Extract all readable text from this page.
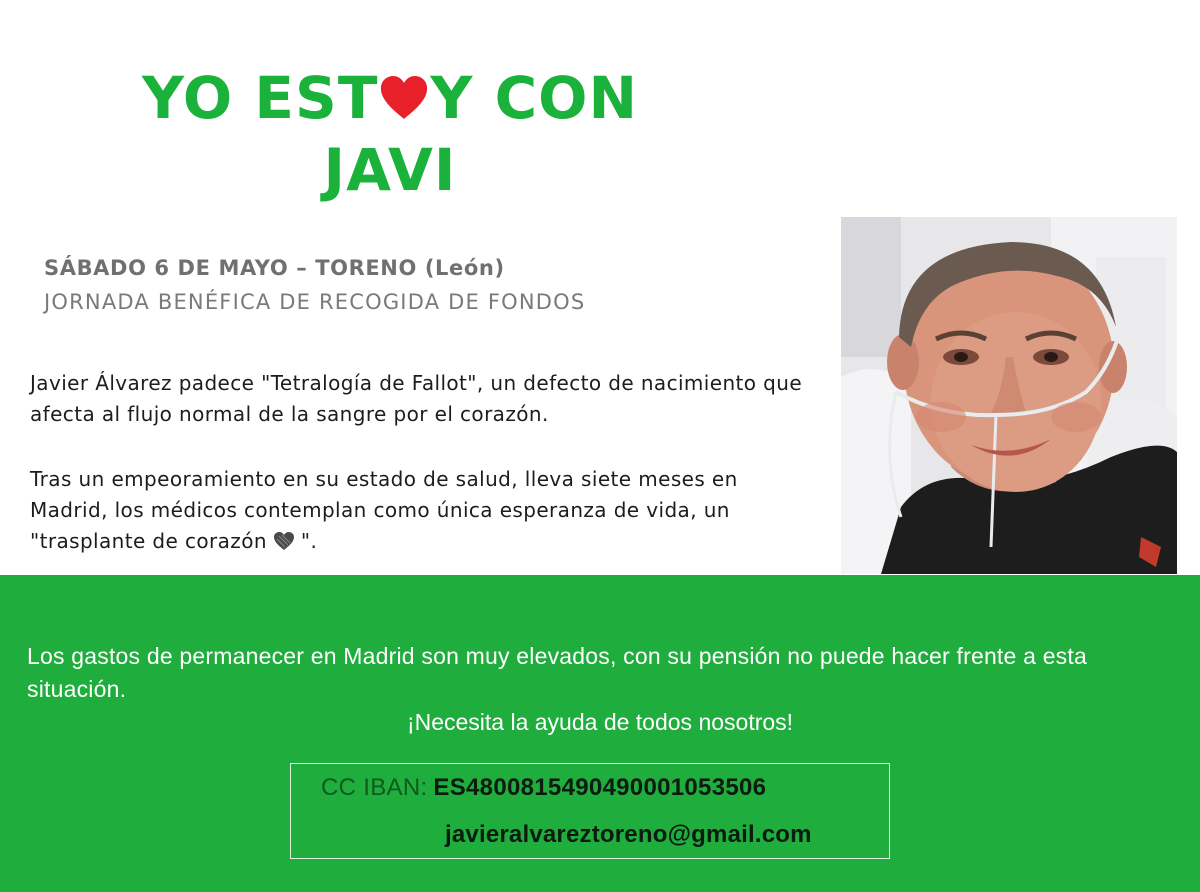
YO EST Y CON
JAVI
SÁBADO 6 DE MAYO – TORENO (León)
JORNADA BENÉFICA DE RECOGIDA DE FONDOS

Javier Álvarez padece "Tetralogía de Fallot", un defecto de nacimiento que afecta al flujo normal de la sangre por el corazón.

Tras un empeoramiento en su estado de salud, lleva siete meses en Madrid, los médicos contemplan como única esperanza de vida, un "trasplante de corazón ".

Los gastos de permanecer en Madrid son muy elevados, con su pensión no puede hacer frente a esta situación.

¡Necesita la ayuda de todos nosotros!

CC IBAN: ES4800815490490001053506
javieralvareztoreno@gmail.com
